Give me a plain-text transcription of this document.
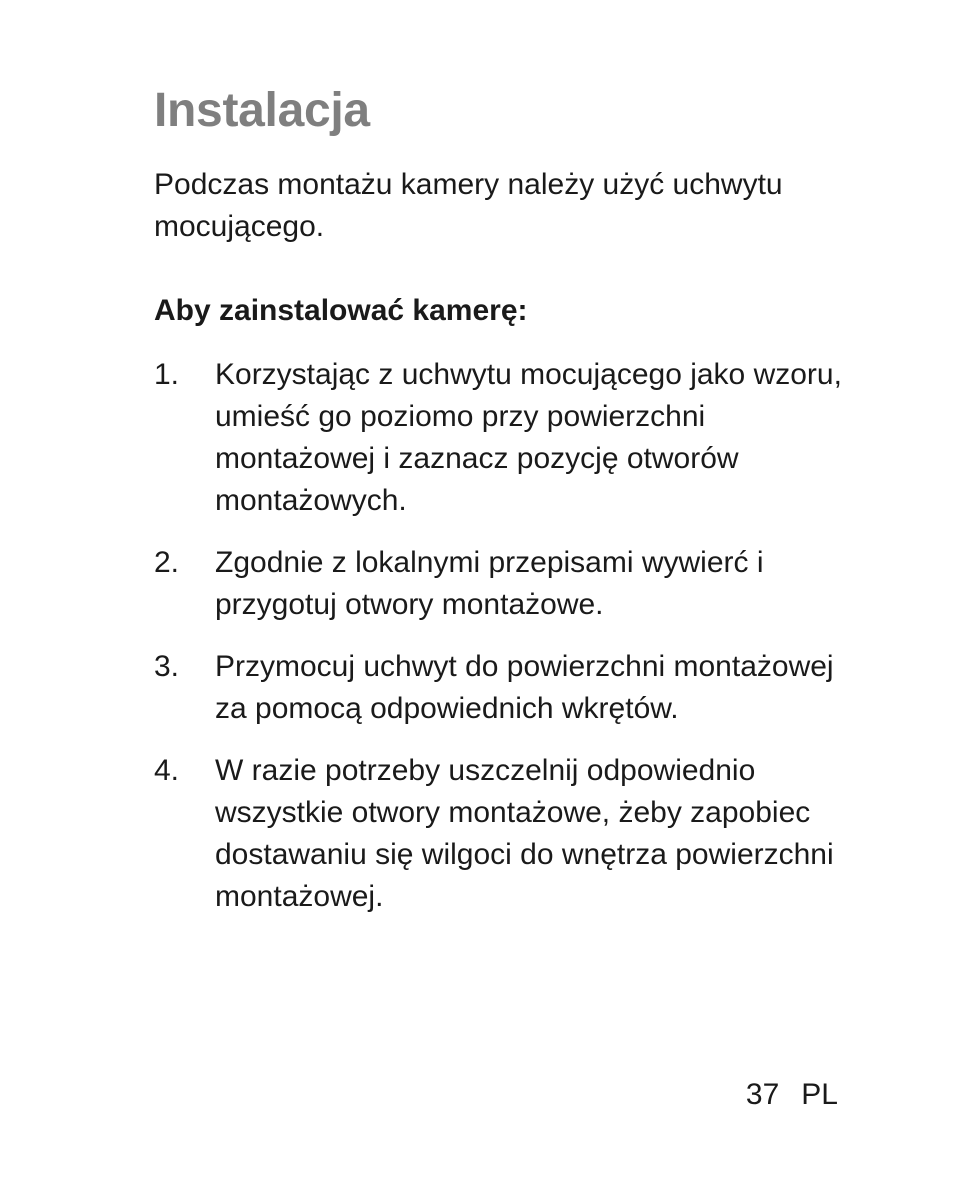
Instalacja

Podczas montażu kamery należy użyć uchwytu mocującego.

Aby zainstalować kamerę:

1. Korzystając z uchwytu mocującego jako wzoru, umieść go poziomo przy powierzchni montażowej i zaznacz pozycję otworów montażowych.
2. Zgodnie z lokalnymi przepisami wywierć i przygotuj otwory montażowe.
3. Przymocuj uchwyt do powierzchni montażowej za pomocą odpowiednich wkrętów.
4. W razie potrzeby uszczelnij odpowiednio wszystkie otwory montażowe, żeby zapobiec dostawaniu się wilgoci do wnętrza powierzchni montażowej.
37 PL
